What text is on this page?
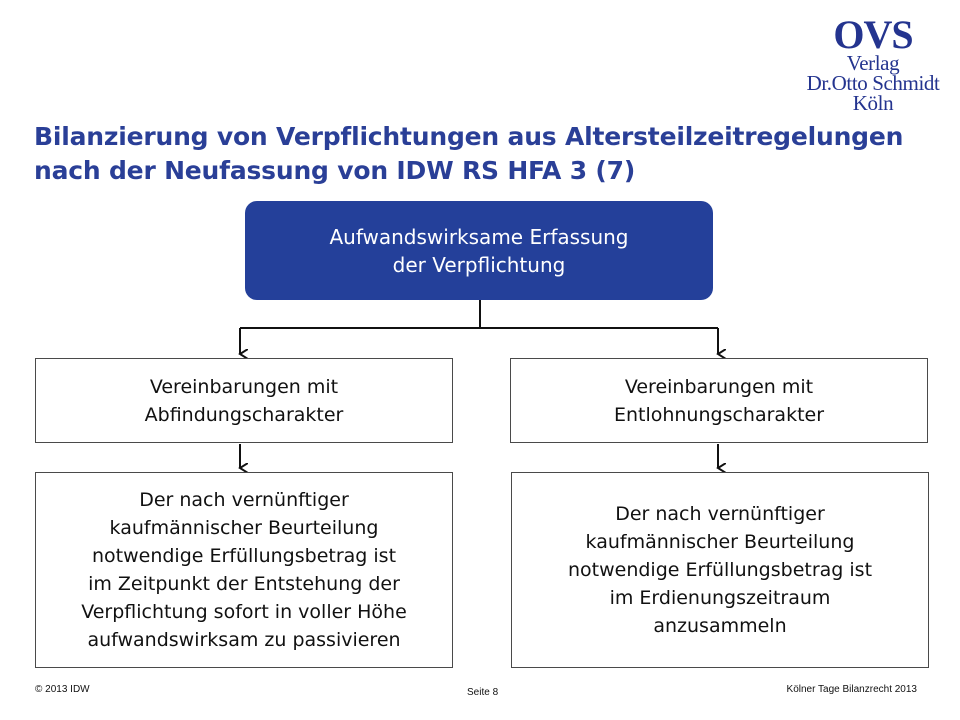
OVS
Verlag
Dr.Otto Schmidt
Köln
Bilanzierung von Verpflichtungen aus Altersteilzeitregelungen
nach der Neufassung von IDW RS HFA 3 (7)
Aufwandswirksame Erfassung
der Verpflichtung
Vereinbarungen mit
Abfindungscharakter
Vereinbarungen mit
Entlohnungscharakter
Der nach vernünftiger
kaufmännischer Beurteilung
notwendige Erfüllungsbetrag ist
im Zeitpunkt der Entstehung der
Verpflichtung sofort in voller Höhe
aufwandswirksam zu passivieren
Der nach vernünftiger
kaufmännischer Beurteilung
notwendige Erfüllungsbetrag ist
im Erdienungszeitraum
anzusammeln
© 2013 IDW	Seite 8	Kölner Tage Bilanzrecht 2013
